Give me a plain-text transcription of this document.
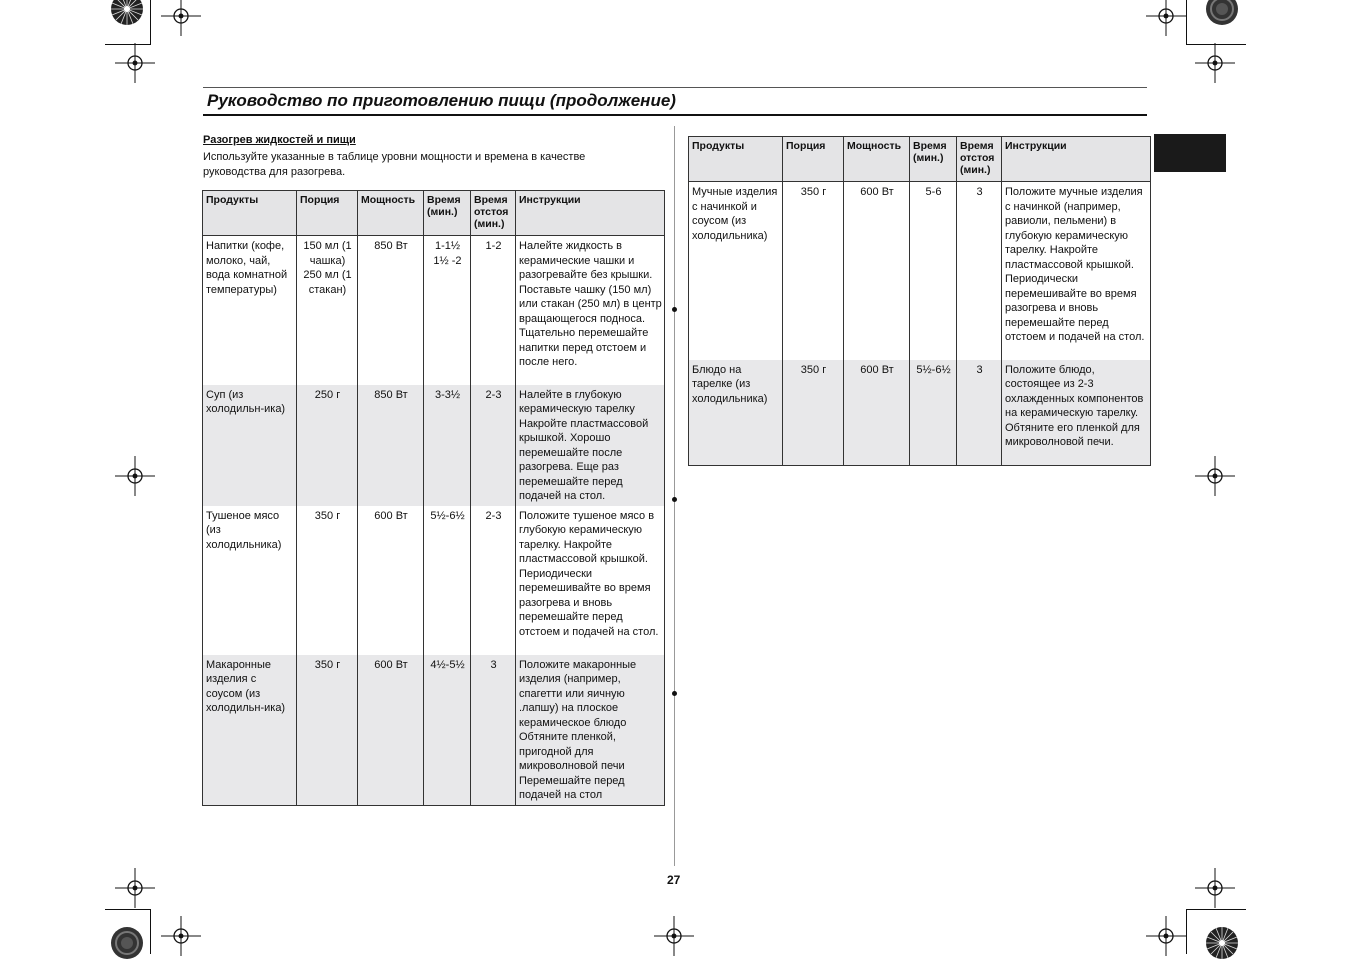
Руководство по приготовлению пищи (продолжение)
Разогрев жидкостей и пищи
Используйте указанные в таблице уровни мощности и времена в качестве руководства для разогрева.
Продукты	Порция	Мощность	Время (мин.)	Время отстоя (мин.)	Инструкции
Напитки (кофе, молоко, чай, вода комнатной температуры)	150 мл (1 чашка) 250 мл (1 стакан)	850 Вт	1-1½ 1½ -2	1-2	Налейте жидкость в керамические чашки и разогревайте без крышки. Поставьте чашку (150 мл) или стакан (250 мл) в центр вращающегося подноса. Тщательно перемешайте напитки перед отстоем и после него.
Суп (из холодильн-ика)	250 г	850 Вт	3-3½	2-3	Налейте в глубокую керамическую тарелку Накройте пластмассовой крышкой. Хорошо перемешайте после разогрева. Еще раз перемешайте перед подачей на стол.
Тушеное мясо (из холодильника)	350 г	600 Вт	5½-6½	2-3	Положите тушеное мясо в глубокую керамическую тарелку. Накройте пластмассовой крышкой. Периодически перемешивайте во время разогрева и вновь перемешайте перед отстоем и подачей на стол.
Макаронные изделия с соусом (из холодильн-ика)	350 г	600 Вт	4½-5½	3	Положите макаронные изделия (например, спагетти или яичную .лапшу) на плоское керамическое блюдо Обтяните пленкой, пригодной для микроволновой печи Перемешайте перед подачей на стол
Продукты	Порция	Мощность	Время (мин.)	Время отстоя (мин.)	Инструкции
Мучные изделия с начинкой и соусом (из холодильника)	350 г	600 Вт	5-6	3	Положите мучные изделия с начинкой (например, равиоли, пельмени) в глубокую керамическую тарелку. Накройте пластмассовой крышкой. Периодически перемешивайте во время разогрева и вновь перемешайте перед отстоем и подачей на стол.
Блюдо на тарелке (из холодильника)	350 г	600 Вт	5½-6½	3	Положите блюдо, состоящее из 2-3 охлажденных компонентов на керамическую тарелку. Обтяните его пленкой для микроволновой печи.
27
